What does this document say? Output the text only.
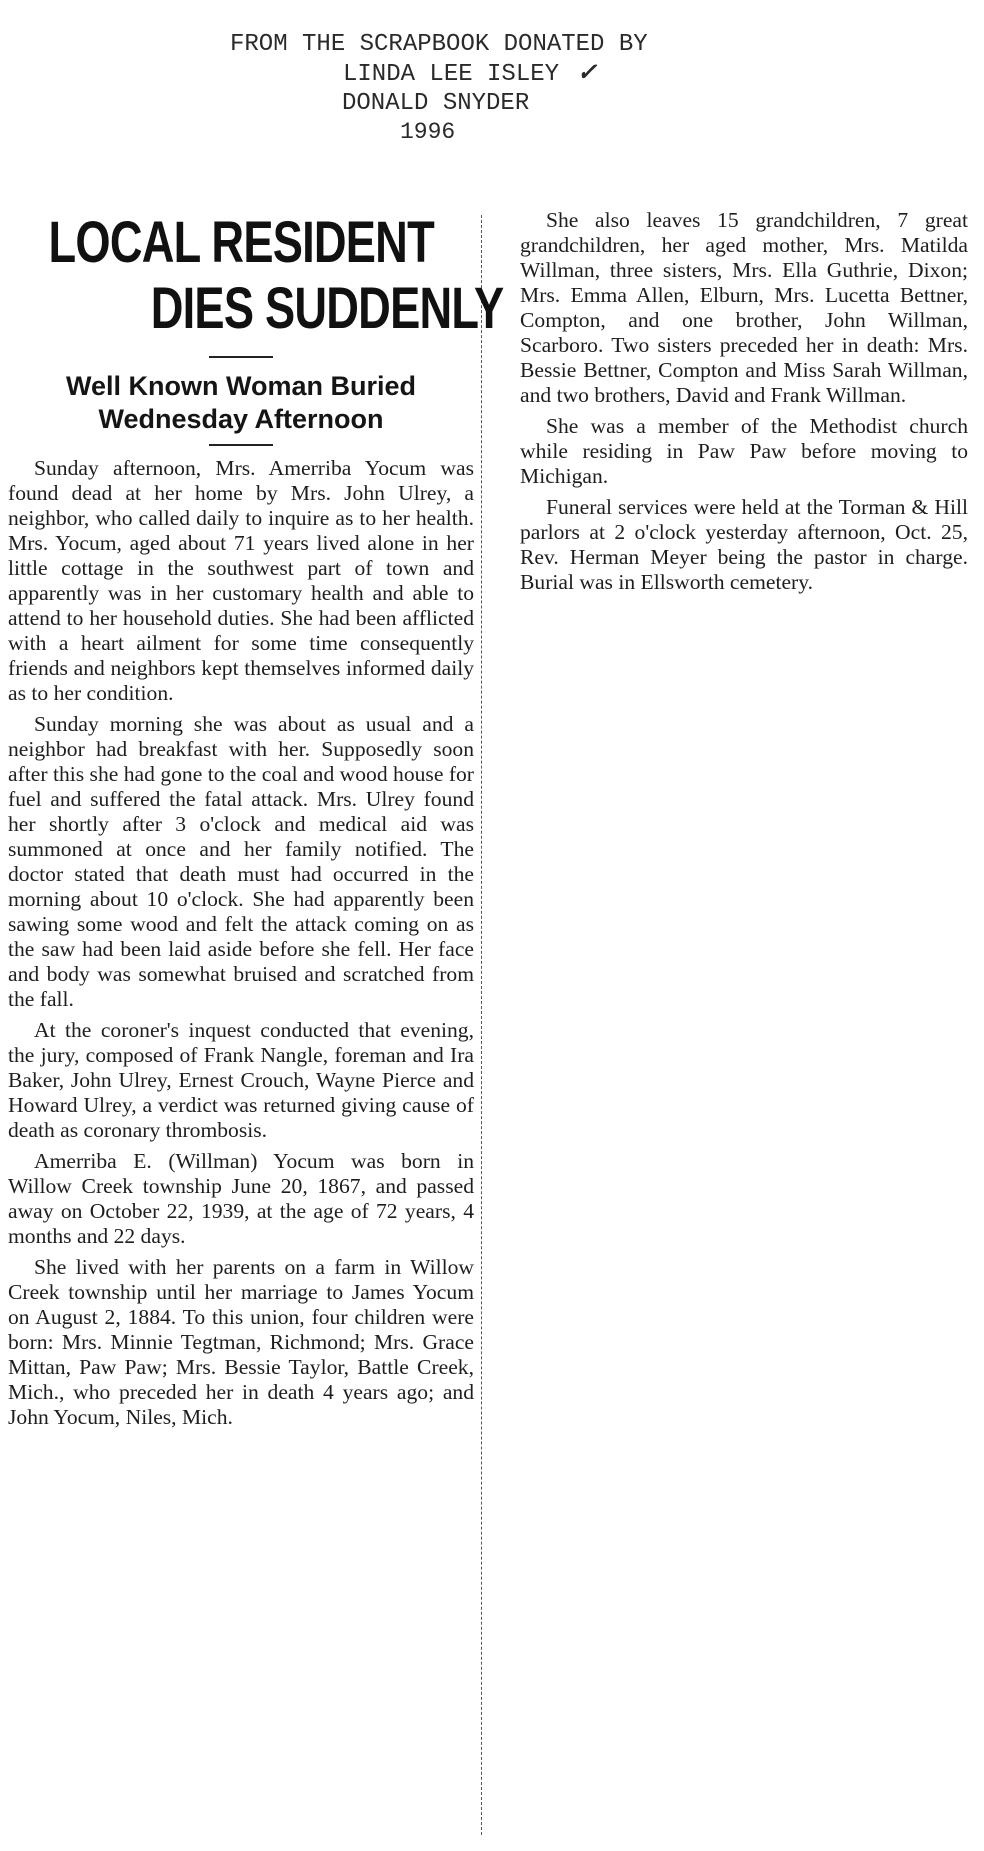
FROM THE SCRAPBOOK DONATED BY
LINDA LEE ISLEY ✓
DONALD SNYDER
1996
LOCAL RESIDENT
DIES SUDDENLY
Well Known Woman Buried Wednesday Afternoon

Sunday afternoon, Mrs. Amerriba Yocum was found dead at her home by Mrs. John Ulrey, a neighbor, who called daily to inquire as to her health. Mrs. Yocum, aged about 71 years lived alone in her little cottage in the southwest part of town and apparently was in her customary health and able to attend to her household duties. She had been afflicted with a heart ailment for some time consequently friends and neighbors kept themselves informed daily as to her condition.

Sunday morning she was about as usual and a neighbor had breakfast with her. Supposedly soon after this she had gone to the coal and wood house for fuel and suffered the fatal attack. Mrs. Ulrey found her shortly after 3 o'clock and medical aid was summoned at once and her family notified. The doctor stated that death must had occurred in the morning about 10 o'clock. She had apparently been sawing some wood and felt the attack coming on as the saw had been laid aside before she fell. Her face and body was somewhat bruised and scratched from the fall.

At the coroner's inquest conducted that evening, the jury, composed of Frank Nangle, foreman and Ira Baker, John Ulrey, Ernest Crouch, Wayne Pierce and Howard Ulrey, a verdict was returned giving cause of death as coronary thrombosis.

Amerriba E. (Willman) Yocum was born in Willow Creek township June 20, 1867, and passed away on October 22, 1939, at the age of 72 years, 4 months and 22 days.

She lived with her parents on a farm in Willow Creek township until her marriage to James Yocum on August 2, 1884. To this union, four children were born: Mrs. Minnie Tegtman, Richmond; Mrs. Grace Mittan, Paw Paw; Mrs. Bessie Taylor, Battle Creek, Mich., who preceded her in death 4 years ago; and John Yocum, Niles, Mich.

She also leaves 15 grandchildren, 7 great grandchildren, her aged mother, Mrs. Matilda Willman, three sisters, Mrs. Ella Guthrie, Dixon; Mrs. Emma Allen, Elburn, Mrs. Lucetta Bettner, Compton, and one brother, John Willman, Scarboro. Two sisters preceded her in death: Mrs. Bessie Bettner, Compton and Miss Sarah Willman, and two brothers, David and Frank Willman.

She was a member of the Methodist church while residing in Paw Paw before moving to Michigan.

Funeral services were held at the Torman & Hill parlors at 2 o'clock yesterday afternoon, Oct. 25, Rev. Herman Meyer being the pastor in charge. Burial was in Ellsworth cemetery.
